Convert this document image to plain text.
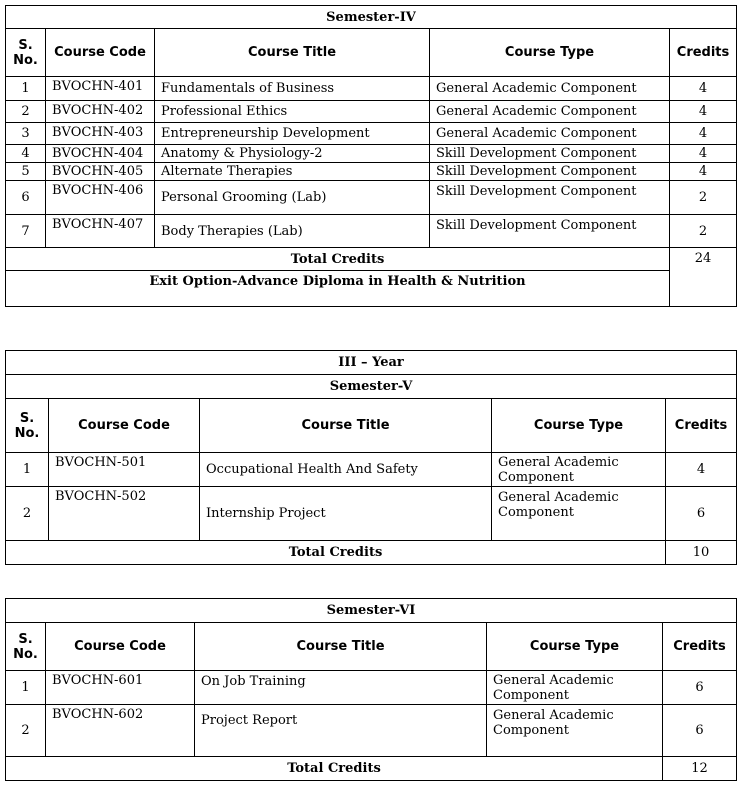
Semester-IV				
S. No.	Course Code	Course Title	Course Type	Credits
1	BVOCHN-401	Fundamentals of Business	General Academic Component	4
2	BVOCHN-402	Professional Ethics	General Academic Component	4
3	BVOCHN-403	Entrepreneurship Development	General Academic Component	4
4	BVOCHN-404	Anatomy & Physiology-2	Skill Development Component	4
5	BVOCHN-405	Alternate Therapies	Skill Development Component	4
6	BVOCHN-406	Personal Grooming (Lab)	Skill Development Component	2
7	BVOCHN-407	Body Therapies (Lab)	Skill Development Component	2
Total Credits				24
Exit Option-Advance Diploma in Health & Nutrition				
III – Year				
Semester-V				
S. No.	Course Code	Course Title	Course Type	Credits
1	BVOCHN-501	Occupational Health And Safety	General Academic Component	4
2	BVOCHN-502	Internship Project	General Academic Component	6
Total Credits				10
Semester-VI				
S. No.	Course Code	Course Title	Course Type	Credits
1	BVOCHN-601	On Job Training	General Academic Component	6
2	BVOCHN-602	Project Report	General Academic Component	6
Total Credits				12
